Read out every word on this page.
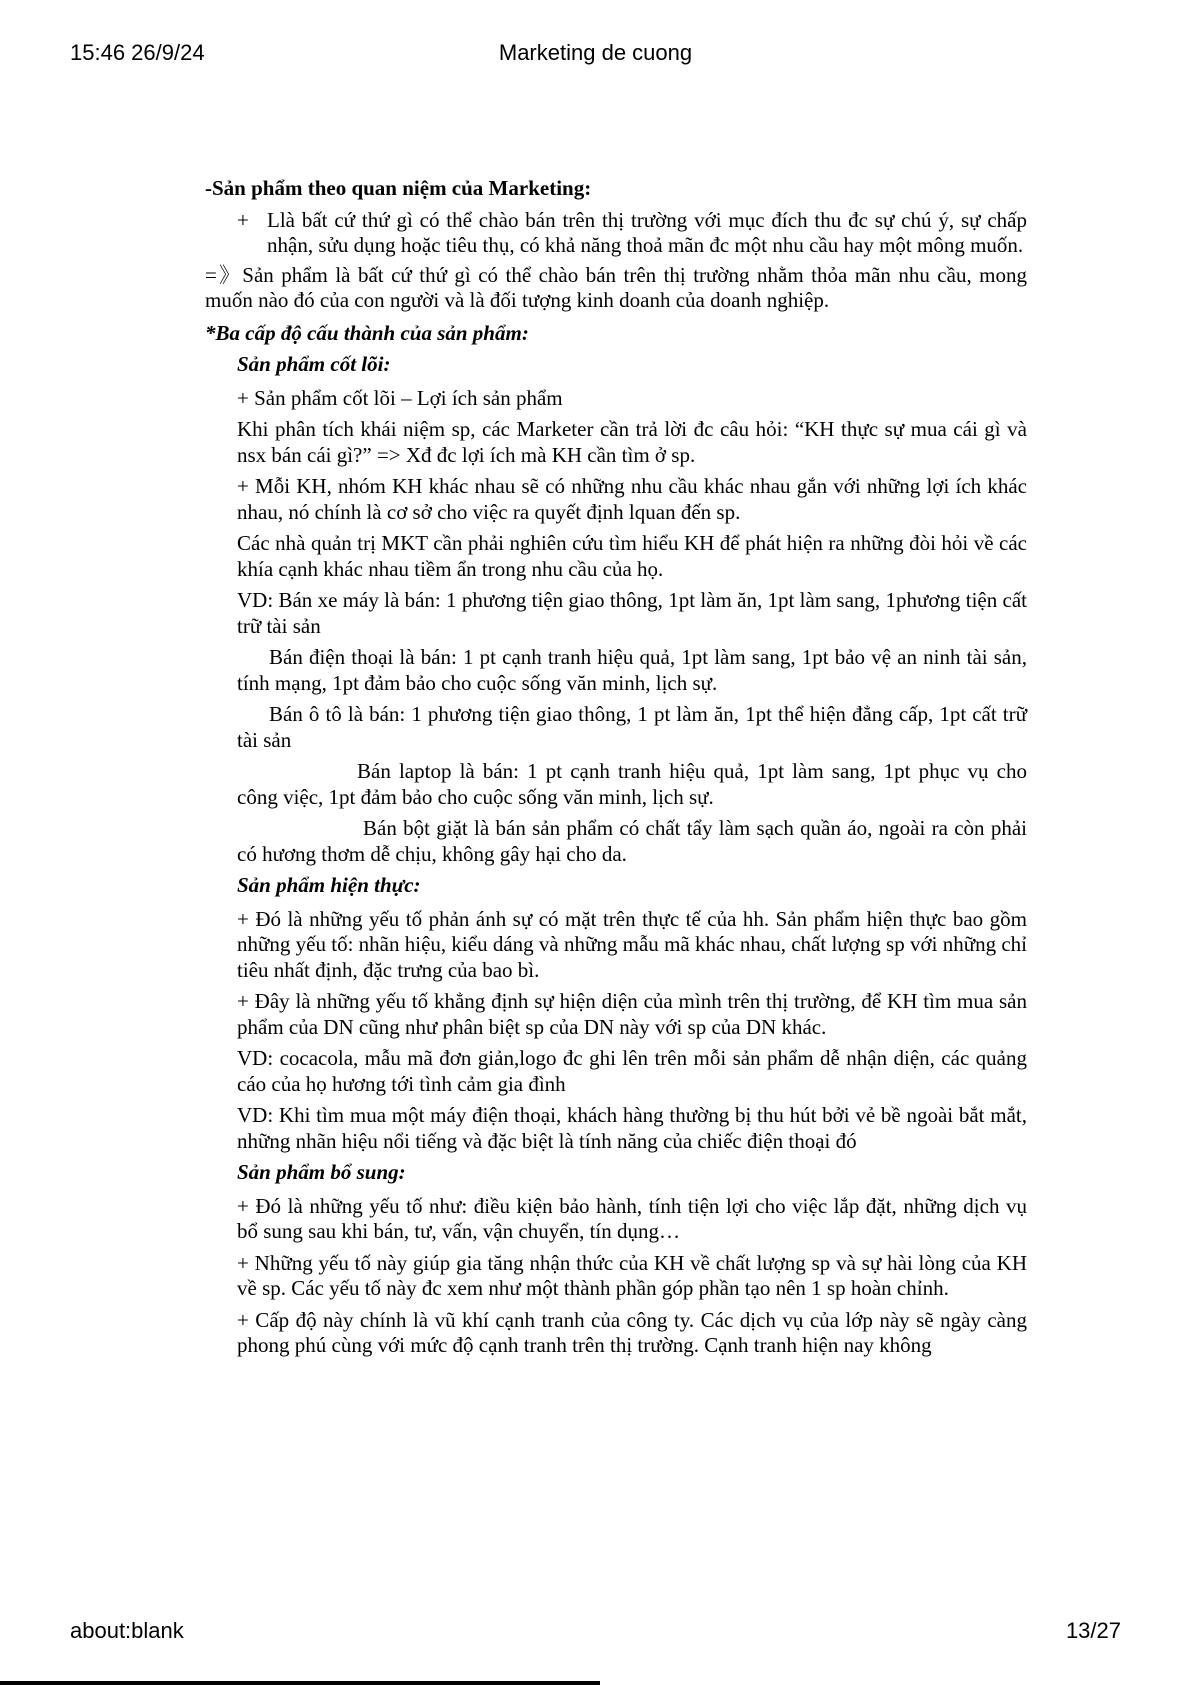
15:46 26/9/24	Marketing de cuong

-Sản phẩm theo quan niệm của Marketing:

+ Llà bất cứ thứ gì có thể chào bán trên thị trường với mục đích thu đc sự chú ý, sự chấp nhận, sửu dụng hoặc tiêu thụ, có khả năng thoả mãn đc một nhu cầu hay một mông muốn.

=》Sản phẩm là bất cứ thứ gì có thể chào bán trên thị trường nhằm thỏa mãn nhu cầu, mong muốn nào đó của con người và là đối tượng kinh doanh của doanh nghiệp.

*Ba cấp độ cấu thành của sản phẩm:

Sản phẩm cốt lõi:

+ Sản phẩm cốt lõi – Lợi ích sản phẩm

Khi phân tích khái niệm sp, các Marketer cần trả lời đc câu hỏi: “KH thực sự mua cái gì và nsx bán cái gì?” => Xđ đc lợi ích mà KH cần tìm ở sp.

+ Mỗi KH, nhóm KH khác nhau sẽ có những nhu cầu khác nhau gắn với những lợi ích khác nhau, nó chính là cơ sở cho việc ra quyết định lquan đến sp.

Các nhà quản trị MKT cần phải nghiên cứu tìm hiểu KH để phát hiện ra những đòi hỏi về các khía cạnh khác nhau tiềm ẩn trong nhu cầu của họ.

VD: Bán xe máy là bán: 1 phương tiện giao thông, 1pt làm ăn, 1pt làm sang, 1phương tiện cất trữ tài sản

Bán điện thoại là bán: 1 pt cạnh tranh hiệu quả, 1pt làm sang, 1pt bảo vệ an ninh tài sản, tính mạng, 1pt đảm bảo cho cuộc sống văn minh, lịch sự.

Bán ô tô là bán: 1 phương tiện giao thông, 1 pt làm ăn, 1pt thể hiện đẳng cấp, 1pt cất trữ tài sản

Bán laptop là bán: 1 pt cạnh tranh hiệu quả, 1pt làm sang, 1pt phục vụ cho công việc, 1pt đảm bảo cho cuộc sống văn minh, lịch sự.

Bán bột giặt là bán sản phẩm có chất tẩy làm sạch quần áo, ngoài ra còn phải có hương thơm dễ chịu, không gây hại cho da.

Sản phẩm hiện thực:

+ Đó là những yếu tố phản ánh sự có mặt trên thực tế của hh. Sản phẩm hiện thực bao gồm những yếu tố: nhãn hiệu, kiểu dáng và những mẫu mã khác nhau, chất lượng sp với những chỉ tiêu nhất định, đặc trưng của bao bì.

+ Đây là những yếu tố khẳng định sự hiện diện của mình trên thị trường, để KH tìm mua sản phẩm của DN cũng như phân biệt sp của DN này với sp của DN khác.

VD: cocacola, mẫu mã đơn giản,logo đc ghi lên trên mỗi sản phẩm dễ nhận diện, các quảng cáo của họ hương tới tình cảm gia đình

VD: Khi tìm mua một máy điện thoại, khách hàng thường bị thu hút bởi vẻ bề ngoài bắt mắt, những nhãn hiệu nổi tiếng và đặc biệt là tính năng của chiếc điện thoại đó

Sản phẩm bổ sung:

+ Đó là những yếu tố như: điều kiện bảo hành, tính tiện lợi cho việc lắp đặt, những dịch vụ bổ sung sau khi bán, tư, vấn, vận chuyển, tín dụng…

+ Những yếu tố này giúp gia tăng nhận thức của KH về chất lượng sp và sự hài lòng của KH về sp. Các yếu tố này đc xem như một thành phần góp phần tạo nên 1 sp hoàn chỉnh.

+ Cấp độ này chính là vũ khí cạnh tranh của công ty. Các dịch vụ của lớp này sẽ ngày càng phong phú cùng với mức độ cạnh tranh trên thị trường. Cạnh tranh hiện nay không

about:blank	13/27
